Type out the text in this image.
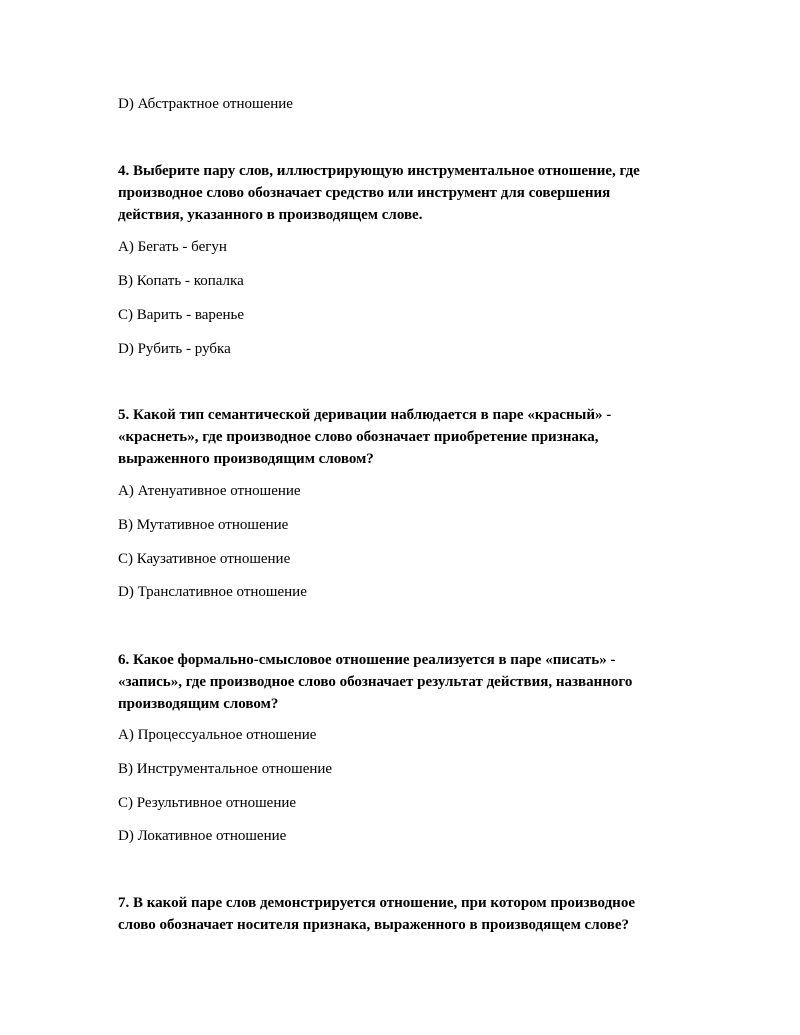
D) Абстрактное отношение

4. Выберите пару слов, иллюстрирующую инструментальное отношение, где

производное слово обозначает средство или инструмент для совершения

действия, указанного в производящем слове.

A) Бегать - бегун
B) Копать - копалка
C) Варить - варенье
D) Рубить - рубка

5. Какой тип семантической деривации наблюдается в паре «красный» -

«краснеть», где производное слово обозначает приобретение признака,

выраженного производящим словом?

A) Атенуативное отношение
B) Мутативное отношение
C) Каузативное отношение
D) Транслативное отношение

6. Какое формально-смысловое отношение реализуется в паре «писать» -

«запись», где производное слово обозначает результат действия, названного

производящим словом?

A) Процессуальное отношение
B) Инструментальное отношение
C) Результивное отношение
D) Локативное отношение

7. В какой паре слов демонстрируется отношение, при котором производное

слово обозначает носителя признака, выраженного в производящем слове?
